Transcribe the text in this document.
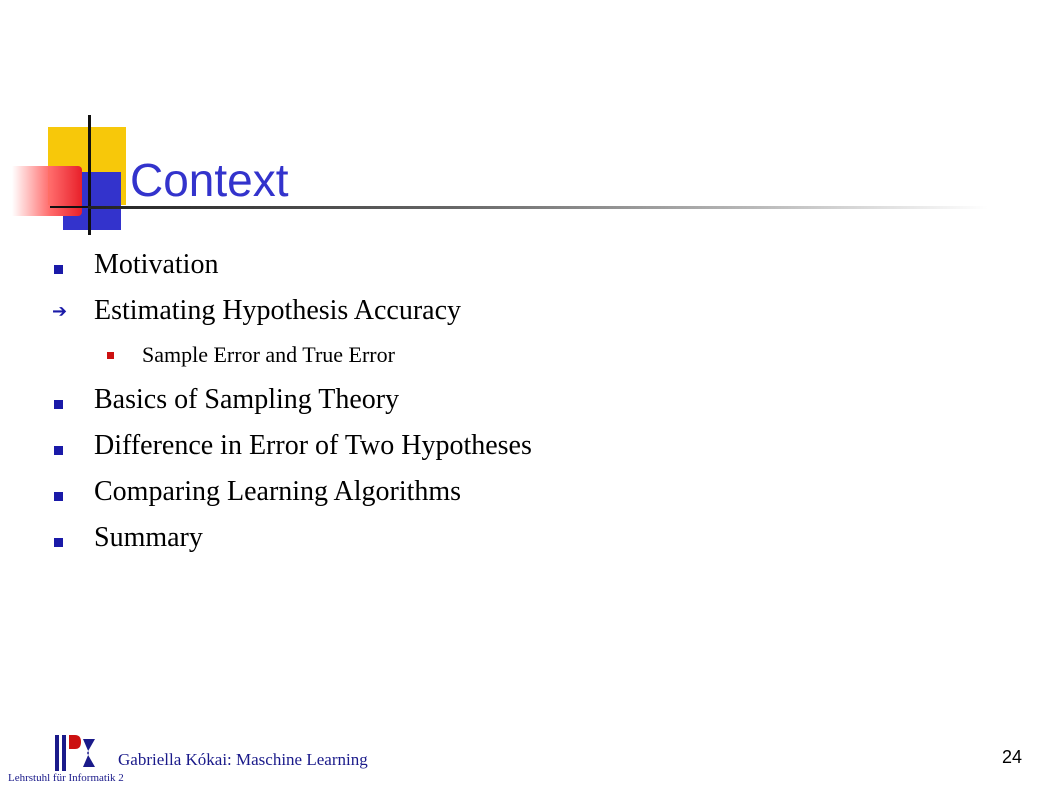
Context
Motivation
➔ Estimating Hypothesis Accuracy
Sample Error and True Error
Basics of Sampling Theory
Difference in Error of Two Hypotheses
Comparing Learning Algorithms
Summary
Gabriella Kókai: Maschine Learning
Lehrstuhl für Informatik 2
24
